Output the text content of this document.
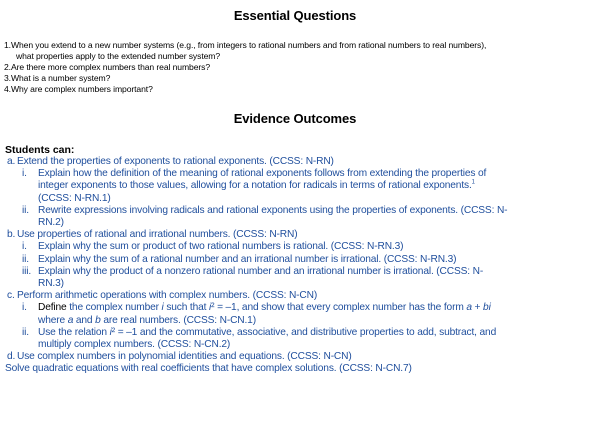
Essential Questions
1.When you extend to a new number systems (e.g., from integers to rational numbers and from rational numbers to real numbers),
what properties apply to the extended number system?
2.Are there more complex numbers than real numbers?
3.What is a number system?
4.Why are complex numbers important?
Evidence Outcomes
Students can:
a. Extend the properties of exponents to rational exponents. (CCSS: N-RN)
i.	Explain how the definition of the meaning of rational exponents follows from extending the properties of
integer exponents to those values, allowing for a notation for radicals in terms of rational exponents.$^1$
(CCSS: N-RN.1)
ii. Rewrite expressions involving radicals and rational exponents using the properties of exponents. (CCSS: N-
RN.2)
b. Use properties of rational and irrational numbers. (CCSS: N-RN)
i.	Explain why the sum or product of two rational numbers is rational. (CCSS: N-RN.3)
ii. Explain why the sum of a rational number and an irrational number is irrational. (CCSS: N-RN.3)
iii. Explain why the product of a nonzero rational number and an irrational number is irrational. (CCSS: N-
RN.3)
c. Perform arithmetic operations with complex numbers. (CCSS: N-CN)
i.	Define the complex number i such that i² = –1, and show that every complex number has the form a + bi
where a and b are real numbers. (CCSS: N-CN.1)
ii. Use the relation i² = –1 and the commutative, associative, and distributive properties to add, subtract, and
multiply complex numbers. (CCSS: N-CN.2)
d. Use complex numbers in polynomial identities and equations. (CCSS: N-CN)
Solve quadratic equations with real coefficients that have complex solutions. (CCSS: N-CN.7)
